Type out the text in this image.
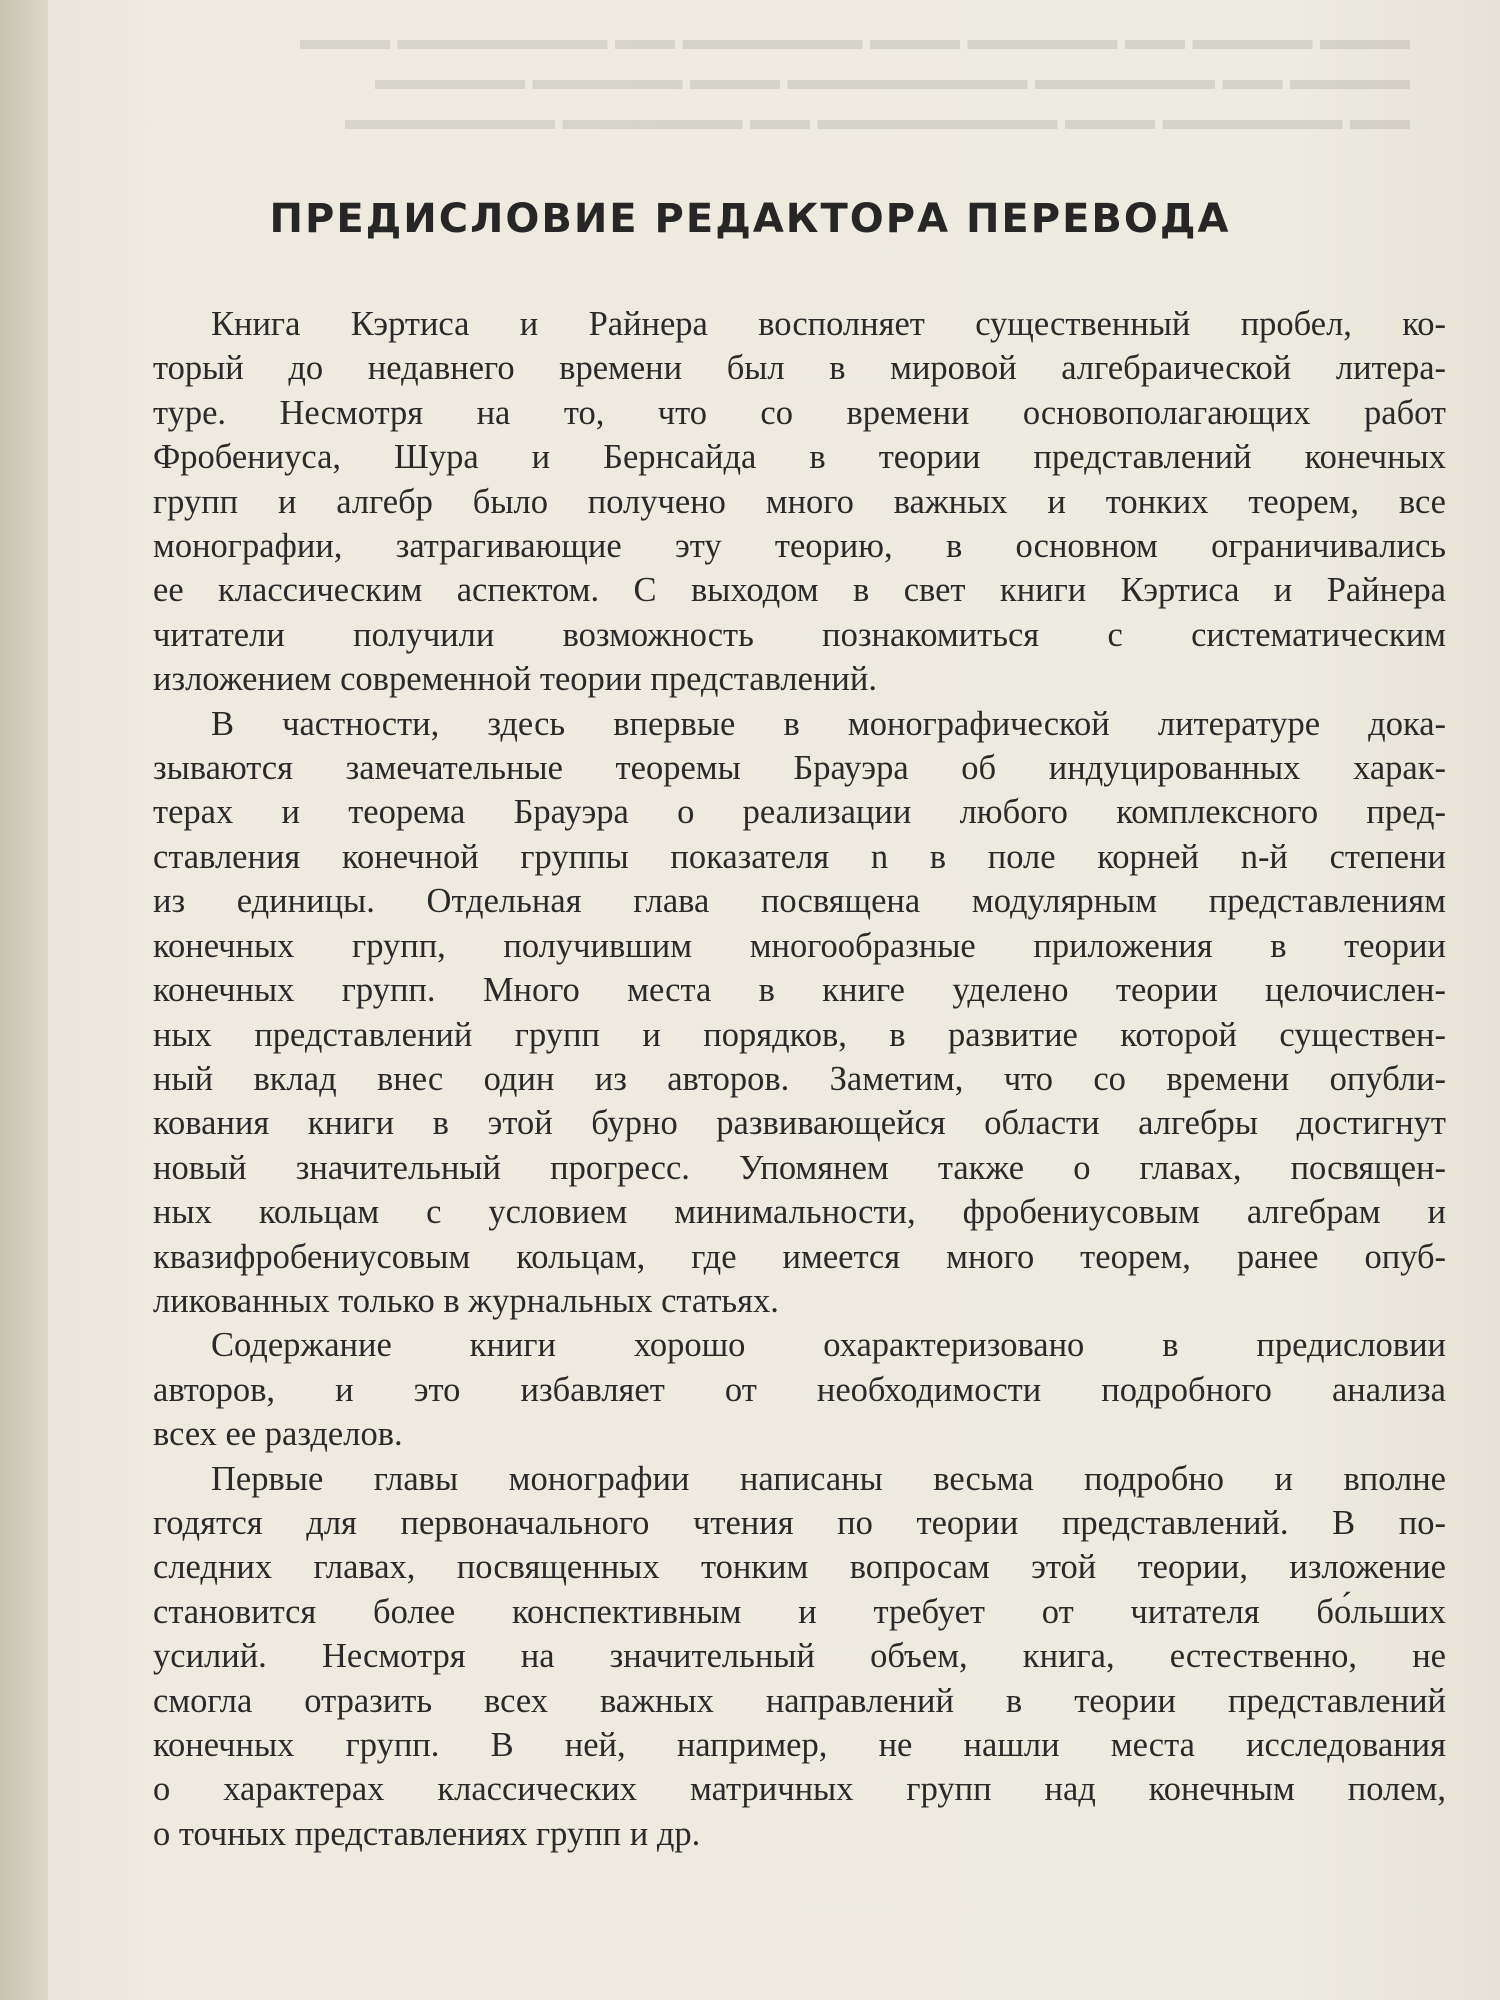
▬▬▬ ▬▬▬▬ ▬▬ ▬▬▬▬▬ ▬▬▬ ▬▬▬▬▬▬ ▬▬ ▬▬▬▬▬▬▬ ▬▬▬
▬▬▬▬ ▬▬ ▬▬▬▬▬▬ ▬▬▬▬▬▬▬▬ ▬▬▬ ▬▬▬▬▬ ▬▬▬▬▬
▬▬ ▬▬▬▬▬▬ ▬▬▬ ▬▬▬▬▬▬▬▬ ▬▬ ▬▬▬▬▬▬ ▬▬▬▬▬▬▬
ПРЕДИСЛОВИЕ РЕДАКТОРА ПЕРЕВОДА

Книга Кэртиса и Райнера восполняет существенный пробел, ко-
торый до недавнего времени был в мировой алгебраической литера-
туре. Несмотря на то, что со времени основополагающих работ
Фробениуса, Шура и Бернсайда в теории представлений конечных
групп и алгебр было получено много важных и тонких теорем, все
монографии, затрагивающие эту теорию, в основном ограничивались
ее классическим аспектом. С выходом в свет книги Кэртиса и Райнера
читатели получили возможность познакомиться с систематическим
изложением современной теории представлений.

В частности, здесь впервые в монографической литературе дока-
зываются замечательные теоремы Брауэра об индуцированных харак-
терах и теорема Брауэра о реализации любого комплексного пред-
ставления конечной группы показателя n в поле корней n-й степени
из единицы. Отдельная глава посвящена модулярным представлениям
конечных групп, получившим многообразные приложения в теории
конечных групп. Много места в книге уделено теории целочислен-
ных представлений групп и порядков, в развитие которой существен-
ный вклад внес один из авторов. Заметим, что со времени опубли-
кования книги в этой бурно развивающейся области алгебры достигнут
новый значительный прогресс. Упомянем также о главах, посвящен-
ных кольцам с условием минимальности, фробениусовым алгебрам и
квазифробениусовым кольцам, где имеется много теорем, ранее опуб-
ликованных только в журнальных статьях.

Содержание книги хорошо охарактеризовано в предисловии
авторов, и это избавляет от необходимости подробного анализа
всех ее разделов.

Первые главы монографии написаны весьма подробно и вполне
годятся для первоначального чтения по теории представлений. В по-
следних главах, посвященных тонким вопросам этой теории, изложение
становится более конспективным и требует от читателя бо́льших
усилий. Несмотря на значительный объем, книга, естественно, не
смогла отразить всех важных направлений в теории представлений
конечных групп. В ней, например, не нашли места исследования
о характерах классических матричных групп над конечным полем,
о точных представлениях групп и др.
